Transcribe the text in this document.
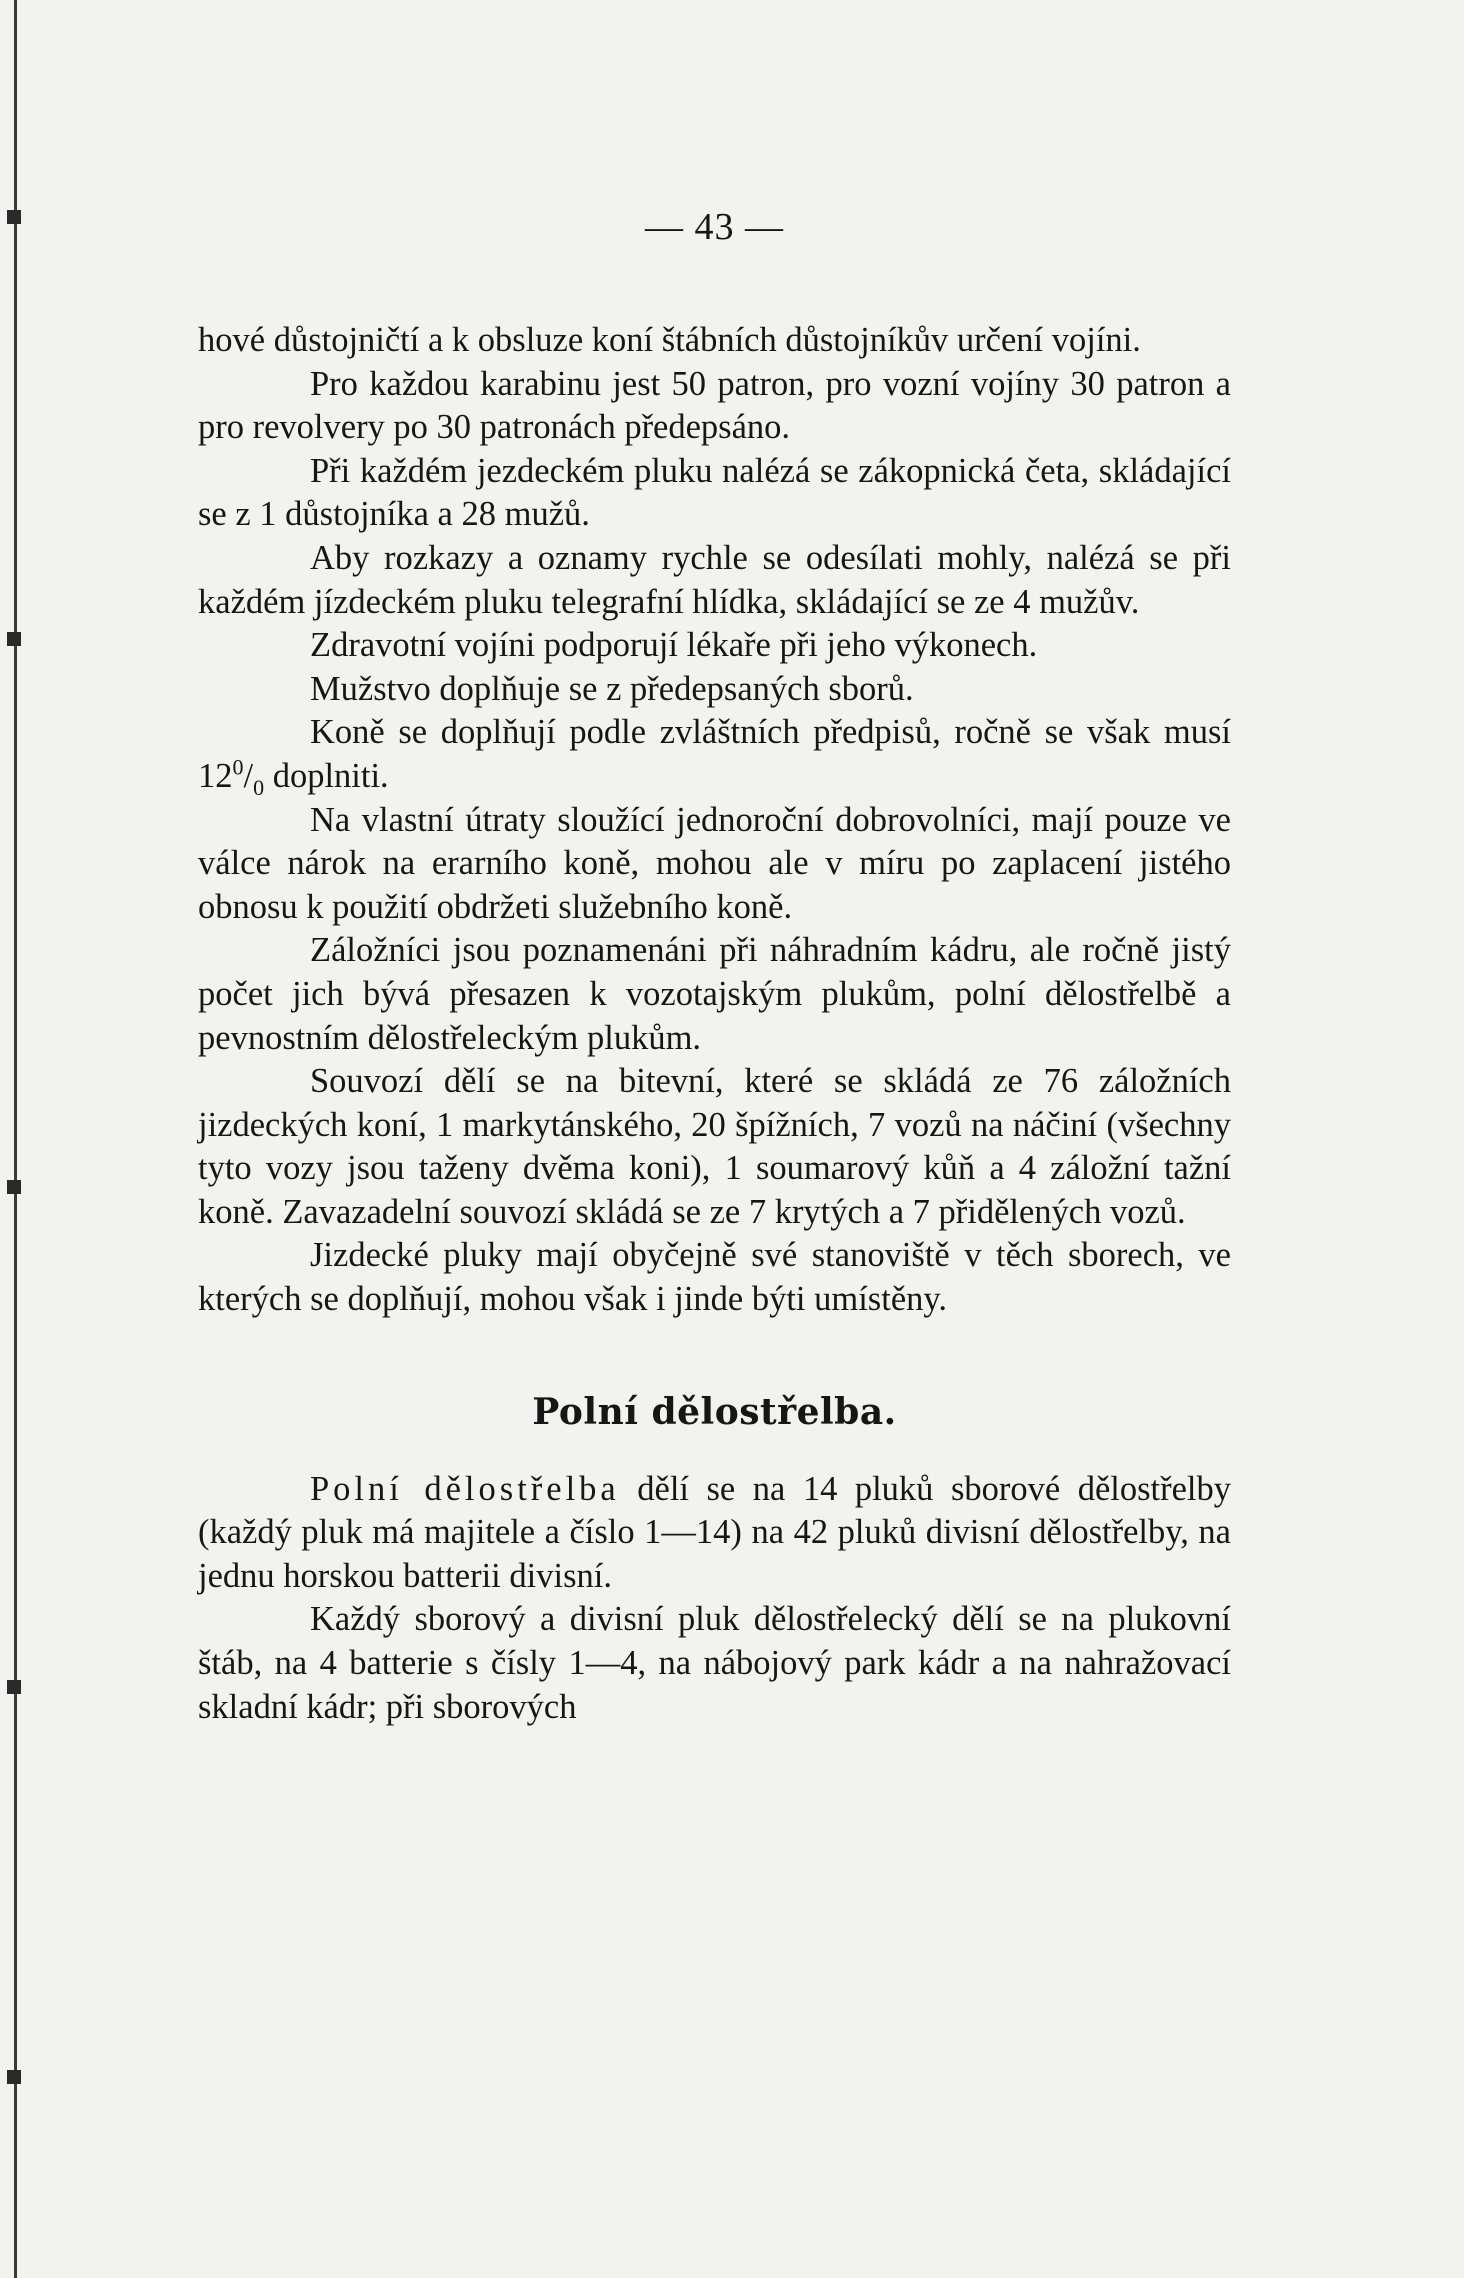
— 43 —

hové důstojničtí a k obsluze koní štábních důstojníkův určení vojíni.

Pro každou karabinu jest 50 patron, pro vozní vojíny 30 patron a pro revolvery po 30 patronách předepsáno.

Při každém jezdeckém pluku nalézá se zákopnická četa, skládající se z 1 důstojníka a 28 mužů.

Aby rozkazy a oznamy rychle se odesílati mohly, nalézá se při každém jízdeckém pluku telegrafní hlídka, skládající se ze 4 mužův.

Zdravotní vojíni podporují lékaře při jeho výkonech.

Mužstvo doplňuje se z předepsaných sborů.

Koně se doplňují podle zvláštních předpisů, ročně se však musí $12^0/_0$ doplniti.

Na vlastní útraty sloužící jednoroční dobrovolníci, mají pouze ve válce nárok na erarního koně, mohou ale v míru po zaplacení jistého obnosu k použití obdržeti služebního koně.

Záložníci jsou poznamenáni při náhradním kádru, ale ročně jistý počet jich bývá přesazen k vozotajským plukům, polní dělostřelbě a pevnostním dělostřeleckým plukům.

Souvozí dělí se na bitevní, které se skládá ze 76 záložních jizdeckých koní, 1 markytánského, 20 špížních, 7 vozů na náčiní (všechny tyto vozy jsou taženy dvěma koni), 1 soumarový kůň a 4 záložní tažní koně. Zavazadelní souvozí skládá se ze 7 krytých a 7 přidělených vozů.

Jizdecké pluky mají obyčejně své stanoviště v těch sborech, ve kterých se doplňují, mohou však i jinde býti umístěny.

Polní dělostřelba.

Polní dělostřelba dělí se na 14 pluků sborové dělostřelby (každý pluk má majitele a číslo 1—14) na 42 pluků divisní dělostřelby, na jednu horskou batterii divisní.

Každý sborový a divisní pluk dělostřelecký dělí se na plukovní štáb, na 4 batterie s čísly 1—4, na nábojový park kádr a na nahražovací skladní kádr; při sborových
